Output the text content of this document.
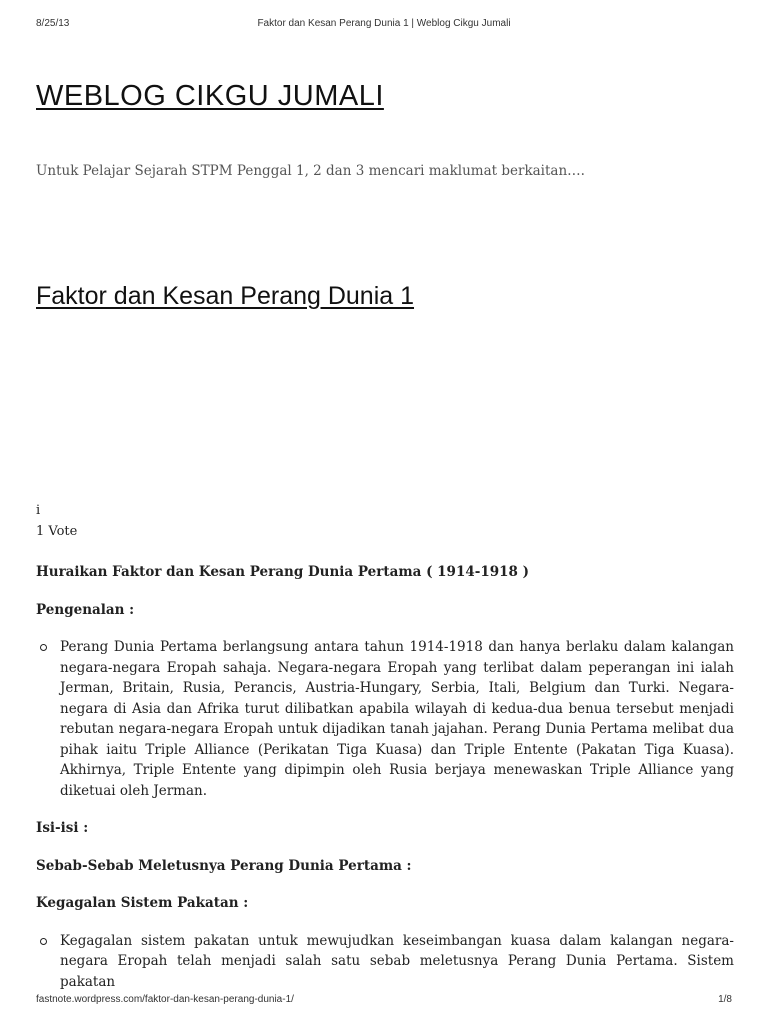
8/25/13	Faktor dan Kesan Perang Dunia 1 | Weblog Cikgu Jumali
WEBLOG CIKGU JUMALI

Untuk Pelajar Sejarah STPM Penggal 1, 2 dan 3 mencari maklumat berkaitan….

Faktor dan Kesan Perang Dunia 1
i
1 Vote

Huraikan Faktor dan Kesan Perang Dunia Pertama ( 1914-1918 )

Pengenalan :

Perang Dunia Pertama berlangsung antara tahun 1914-1918 dan hanya berlaku dalam kalangan negara-negara Eropah sahaja. Negara-negara Eropah yang terlibat dalam peperangan ini ialah Jerman, Britain, Rusia, Perancis, Austria-Hungary, Serbia, Itali, Belgium dan Turki. Negara-negara di Asia dan Afrika turut dilibatkan apabila wilayah di kedua-dua benua tersebut menjadi rebutan negara-negara Eropah untuk dijadikan tanah jajahan. Perang Dunia Pertama melibat dua pihak iaitu Triple Alliance (Perikatan Tiga Kuasa) dan Triple Entente (Pakatan Tiga Kuasa). Akhirnya, Triple Entente yang dipimpin oleh Rusia berjaya menewaskan Triple Alliance yang diketuai oleh Jerman.

Isi-isi :

Sebab-Sebab Meletusnya Perang Dunia Pertama :

Kegagalan Sistem Pakatan :

Kegagalan sistem pakatan untuk mewujudkan keseimbangan kuasa dalam kalangan negara-negara Eropah telah menjadi salah satu sebab meletusnya Perang Dunia Pertama. Sistem pakatan
fastnote.wordpress.com/faktor-dan-kesan-perang-dunia-1/	1/8
